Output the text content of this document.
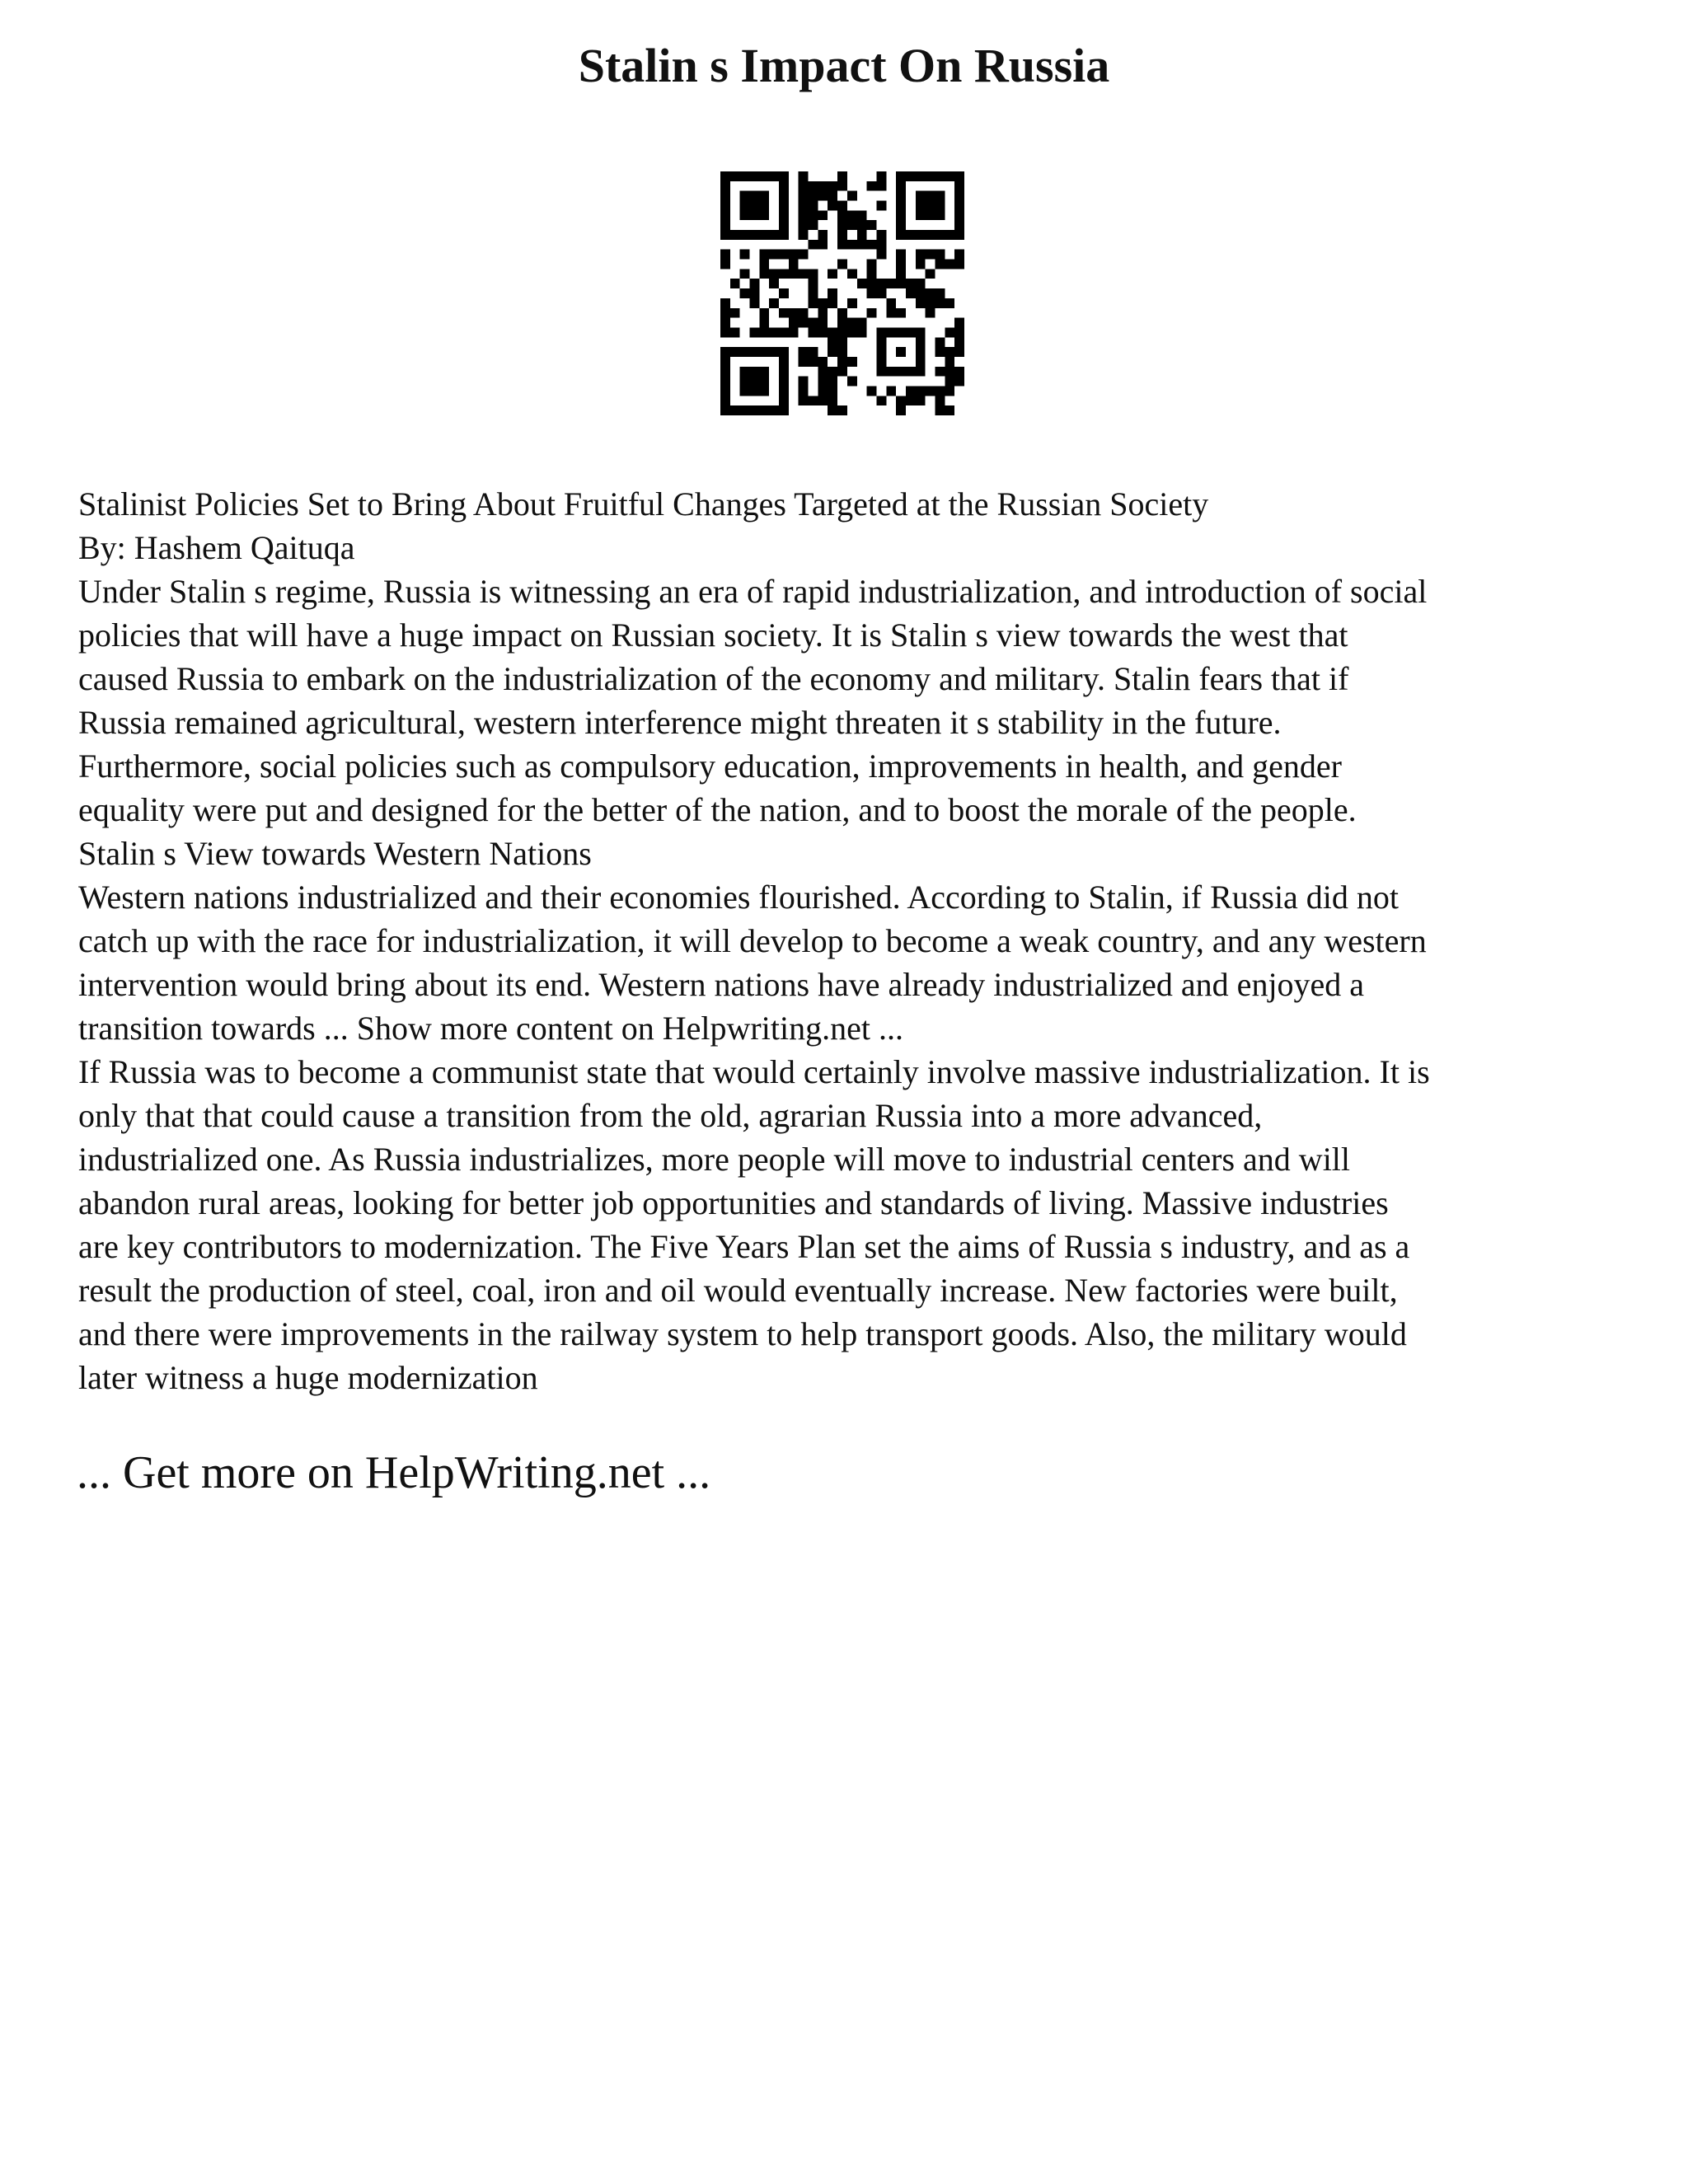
Stalin s Impact On Russia
Stalinist Policies Set to Bring About Fruitful Changes Targeted at the Russian Society
By: Hashem Qaituqa
Under Stalin s regime, Russia is witnessing an era of rapid industrialization, and introduction of social
policies that will have a huge impact on Russian society. It is Stalin s view towards the west that
caused Russia to embark on the industrialization of the economy and military. Stalin fears that if
Russia remained agricultural, western interference might threaten it s stability in the future.
Furthermore, social policies such as compulsory education, improvements in health, and gender
equality were put and designed for the better of the nation, and to boost the morale of the people.
Stalin s View towards Western Nations
Western nations industrialized and their economies flourished. According to Stalin, if Russia did not
catch up with the race for industrialization, it will develop to become a weak country, and any western
intervention would bring about its end. Western nations have already industrialized and enjoyed a
transition towards ... Show more content on Helpwriting.net ...
If Russia was to become a communist state that would certainly involve massive industrialization. It is
only that that could cause a transition from the old, agrarian Russia into a more advanced,
industrialized one. As Russia industrializes, more people will move to industrial centers and will
abandon rural areas, looking for better job opportunities and standards of living. Massive industries
are key contributors to modernization. The Five Years Plan set the aims of Russia s industry, and as a
result the production of steel, coal, iron and oil would eventually increase. New factories were built,
and there were improvements in the railway system to help transport goods. Also, the military would
later witness a huge modernization
... Get more on HelpWriting.net ...
